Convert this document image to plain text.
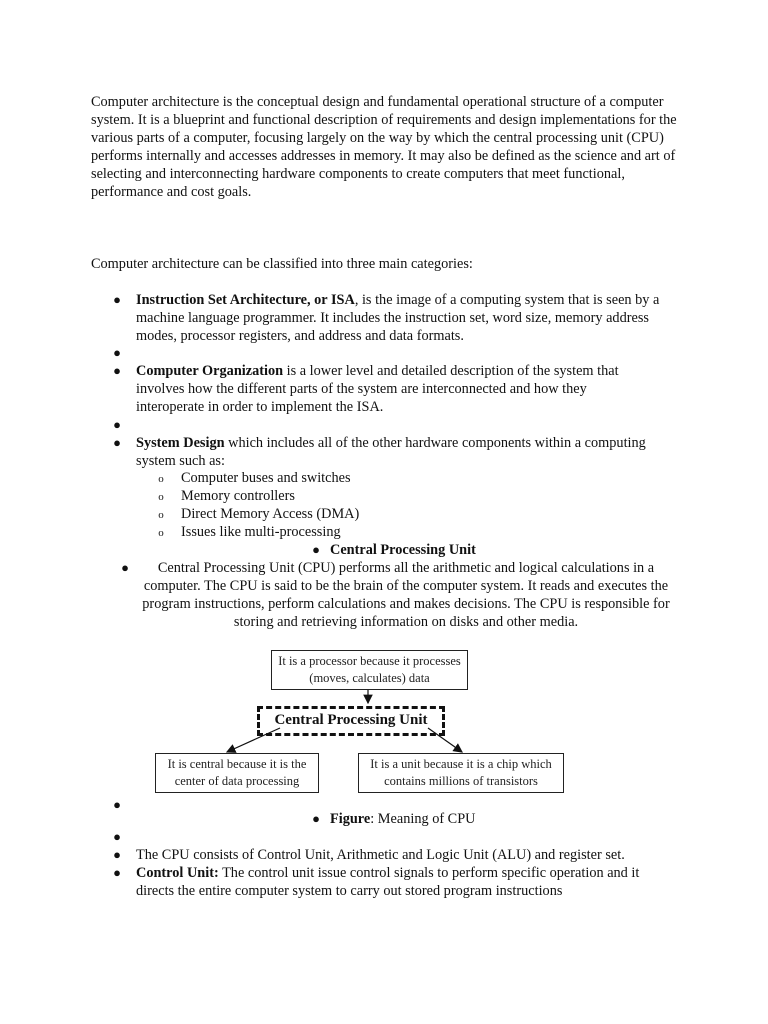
Computer architecture is the conceptual design and fundamental operational structure of a computer system. It is a blueprint and functional description of requirements and design implementations for the various parts of a computer, focusing largely on the way by which the central processing unit (CPU) performs internally and accesses addresses in memory. It may also be defined as the science and art of selecting and interconnecting hardware components to create computers that meet functional, performance and cost goals.

Computer architecture can be classified into three main categories:

● Instruction Set Architecture, or ISA, is the image of a computing system that is seen by a machine language programmer. It includes the instruction set, word size, memory address modes, processor registers, and address and data formats.

●
● Computer Organization is a lower level and detailed description of the system that involves how the different parts of the system are interconnected and how they interoperate in order to implement the ISA.

●
● System Design which includes all of the other hardware components within a computing system such as:

o Computer buses and switches

o Memory controllers

o Direct Memory Access (DMA)

o Issues like multi-processing

● Central Processing Unit

●	Central Processing Unit (CPU) performs all the arithmetic and logical calculations in a computer. The CPU is said to be the brain of the computer system. It reads and executes the program instructions, perform calculations and makes decisions. The CPU is responsible for storing and retrieving information on disks and other media.

It is a processor because it processes
(moves, calculates) data
Central Processing Unit
It is central because it is the
center of data processing
It is a unit because it is a chip which
contains millions of transistors
●
● Figure: Meaning of CPU

●
● The CPU consists of Control Unit, Arithmetic and Logic Unit (ALU) and register set.

● Control Unit: The control unit issue control signals to perform specific operation and it directs the entire computer system to carry out stored program instructions
